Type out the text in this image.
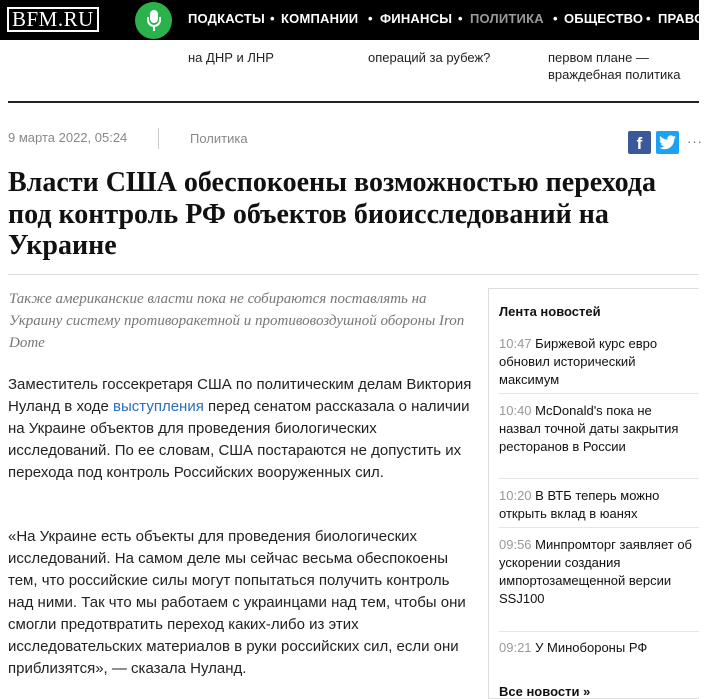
BFM.RU	ПОДКАСТЫ • КОМПАНИИ • ФИНАНСЫ • ПОЛИТИКА • ОБЩЕСТВО • ПРАВО
на ДНР и ЛНР	операций за рубеж?	первом плане —
враждебная политика
9 марта 2022, 05:24	Политика	f	···
Власти США обеспокоены возможностью перехода под контроль РФ объектов биоисследований на Украине

Также американские власти пока не собираются поставлять на Украину систему противоракетной и противовоздушной обороны Iron Dome

Заместитель госсекретаря США по политическим делам Виктория Нуланд в ходе выступления перед сенатом рассказала о наличии на Украине объектов для проведения биологических исследований. По ее словам, США постараются не допустить их перехода под контроль Российских вооруженных сил.

«На Украине есть объекты для проведения биологических исследований. На самом деле мы сейчас весьма обеспокоены тем, что российские силы могут попытаться получить контроль над ними. Так что мы работаем с украинцами над тем, чтобы они смогли предотвратить переход каких-либо из этих исследовательских материалов в руки российских сил, если они приблизятся», — сказала Нуланд.

Лента новостей
10:47 Биржевой курс евро обновил исторический максимум
10:40 McDonald's пока не назвал точной даты закрытия ресторанов в России
10:20 В ВТБ теперь можно открыть вклад в юанях
09:56 Минпромторг заявляет об ускорении создания импортозамещенной версии SSJ100
09:21 У Минобороны РФ
Все новости »
